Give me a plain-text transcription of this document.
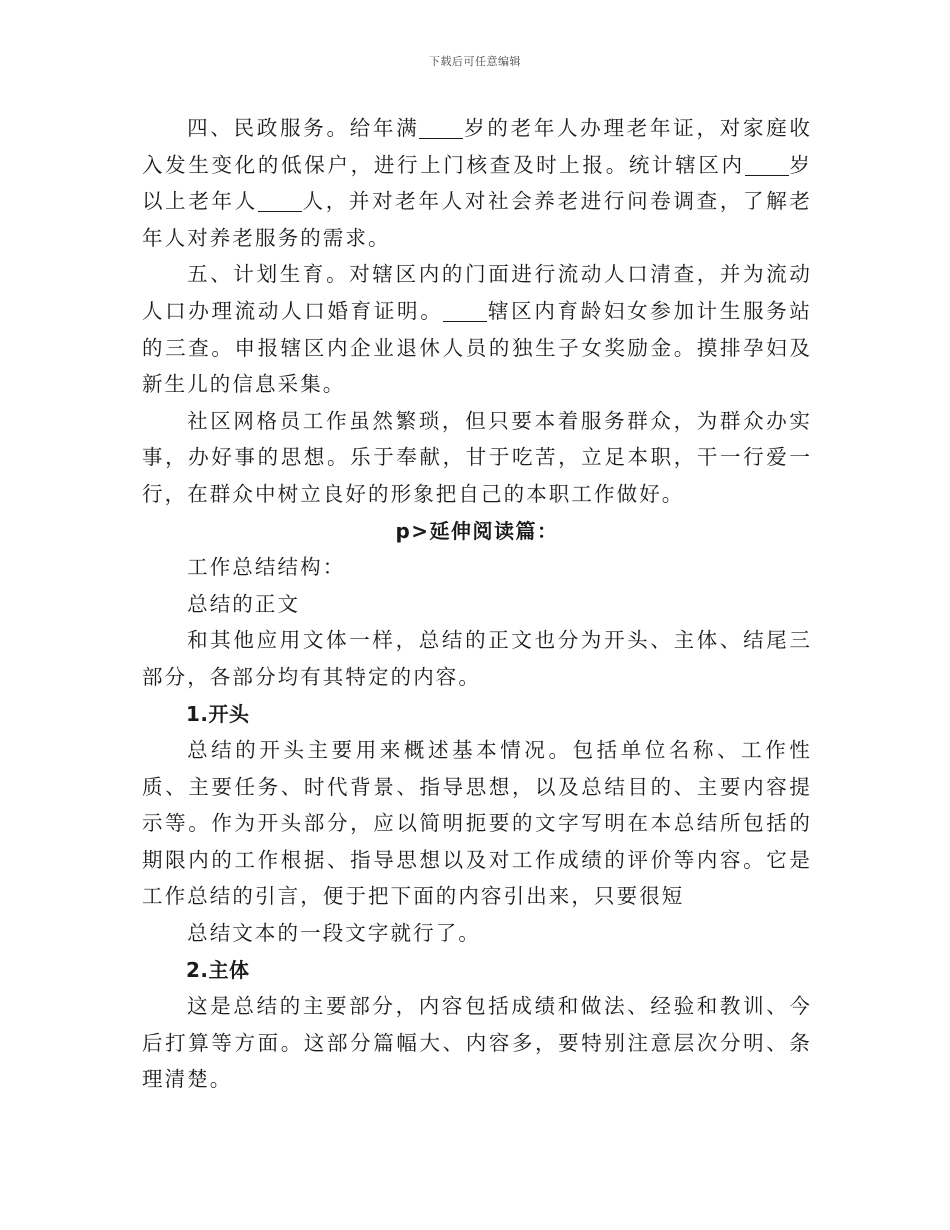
下载后可任意编辑

四、民政服务。给年满 岁的老年人办理老年证，对家庭收入发生变化的低保户，进行上门核查及时上报。统计辖区内 岁以上老年人 人，并对老年人对社会养老进行问卷调查，了解老年人对养老服务的需求。

五、计划生育。对辖区内的门面进行流动人口清查，并为流动人口办理流动人口婚育证明。 辖区内育龄妇女参加计生服务站的三查。申报辖区内企业退休人员的独生子女奖励金。摸排孕妇及新生儿的信息采集。

社区网格员工作虽然繁琐，但只要本着服务群众，为群众办实事，办好事的思想。乐于奉献，甘于吃苦，立足本职，干一行爱一行，在群众中树立良好的形象把自己的本职工作做好。

p>延伸阅读篇：

工作总结结构：

总结的正文

和其他应用文体一样，总结的正文也分为开头、主体、结尾三部分，各部分均有其特定的内容。

1.开头

总结的开头主要用来概述基本情况。包括单位名称、工作性质、主要任务、时代背景、指导思想，以及总结目的、主要内容提示等。作为开头部分，应以简明扼要的文字写明在本总结所包括的期限内的工作根据、指导思想以及对工作成绩的评价等内容。它是工作总结的引言，便于把下面的内容引出来，只要很短

总结文本的一段文字就行了。

2.主体

这是总结的主要部分，内容包括成绩和做法、经验和教训、今后打算等方面。这部分篇幅大、内容多，要特别注意层次分明、条理清楚。
